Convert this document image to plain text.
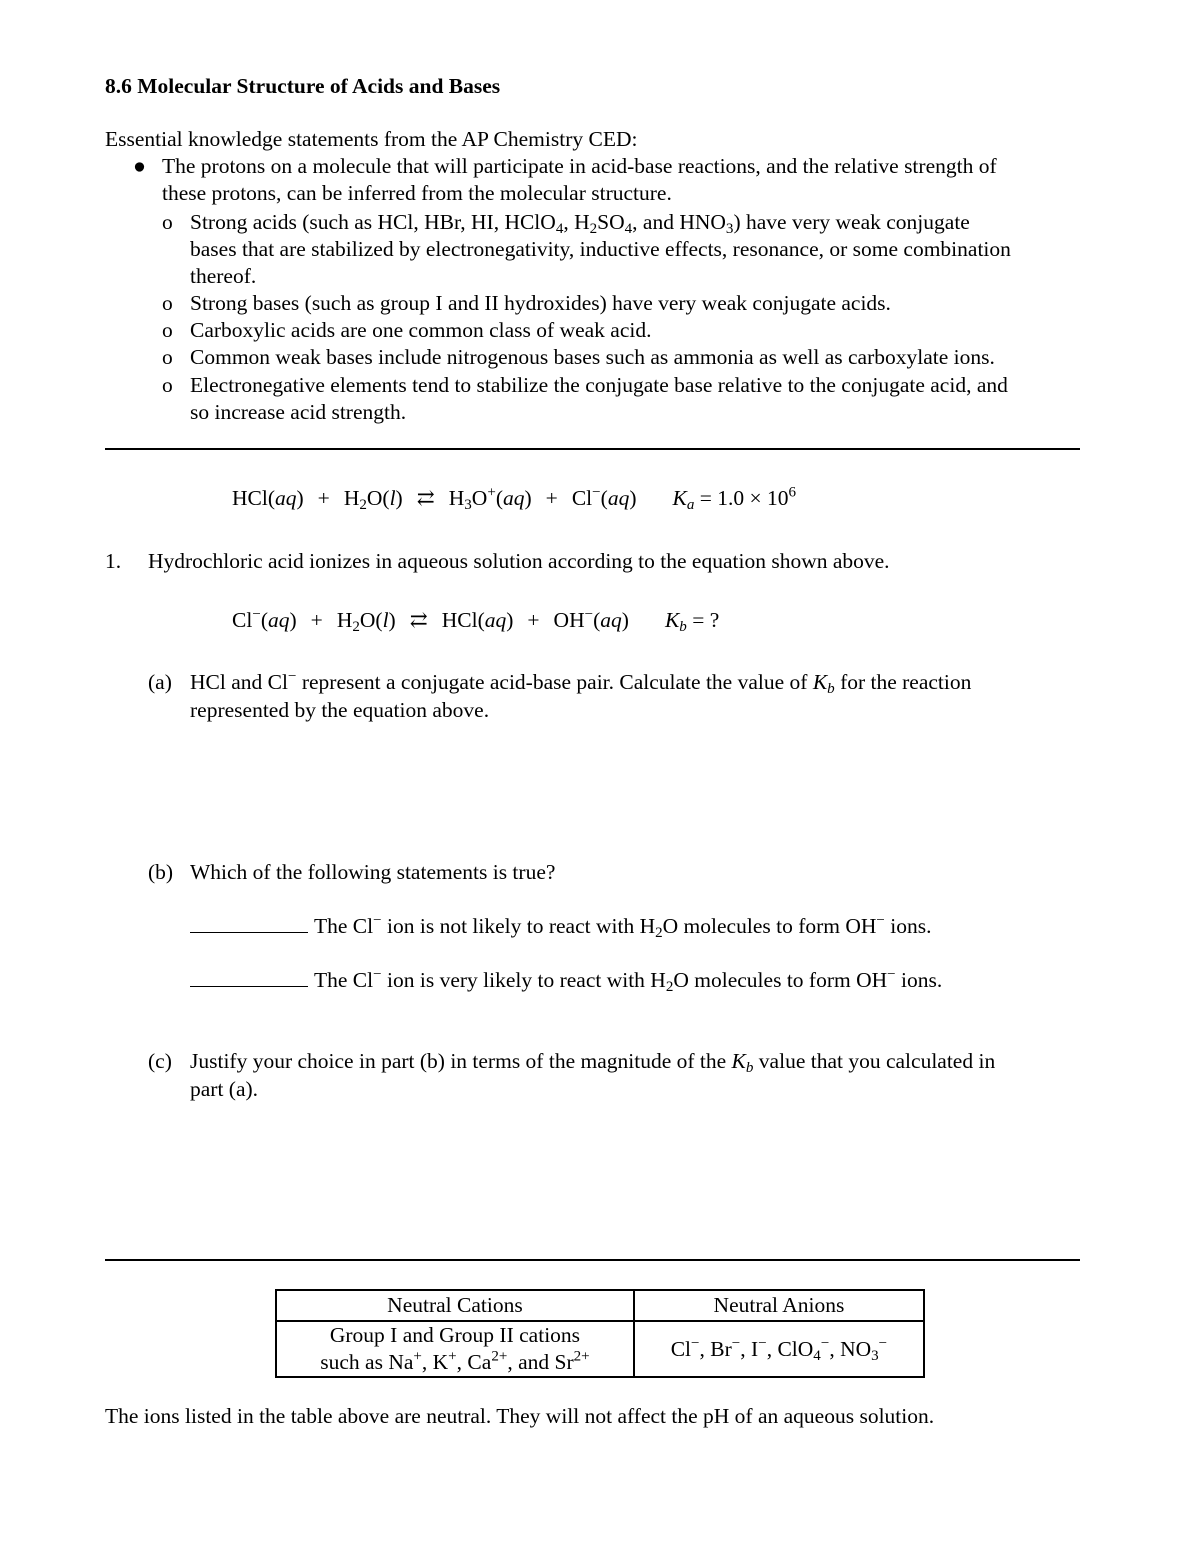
8.6 Molecular Structure of Acids and Bases
Essential knowledge statements from the AP Chemistry CED:
● The protons on a molecule that will participate in acid-base reactions, and the relative strength of
these protons, can be inferred from the molecular structure.
o Strong acids (such as HCl, HBr, HI, HClO$_4$, $H_2SO_4$, and $HNO_3$) have very weak conjugate
bases that are stabilized by electronegativity, inductive effects, resonance, or some combination
thereof.
o Strong bases (such as group I and II hydroxides) have very weak conjugate acids.
o Carboxylic acids are one common class of weak acid.
o Common weak bases include nitrogenous bases such as ammonia as well as carboxylate ions.
o Electronegative elements tend to stabilize the conjugate base relative to the conjugate acid, and
so increase acid strength.
$HCl(aq) + H_2O(l)$ ⇄ $H_3O^+(aq) + Cl^-(aq) K_a = 1.0 \times 10^6$
1. Hydrochloric acid ionizes in aqueous solution according to the equation shown above.
$Cl^-(aq) + H_2O(l)$ ⇄ HCl(aq) + OH−(aq) $K_b$ = ?
(a) HCl and Cl− represent a conjugate acid-base pair. Calculate the value of $K_b$ for the reaction
represented by the equation above.
(b) Which of the following statements is true?
The Cl− ion is not likely to react with $H_2O$ molecules to form OH− ions.
The Cl− ion is very likely to react with $H_2O$ molecules to form OH− ions.
(c) Justify your choice in part (b) in terms of the magnitude of the $K_b$ value that you calculated in
part (a).
Neutral Cations	Neutral Anions

Group I and Group II cations
such as Na+, K+, $Ca^{2+}$, and $Sr^{2+}$	Cl−, Br−, I−, ClO$_4$−, $NO_3^-$
The ions listed in the table above are neutral. They will not affect the pH of an aqueous solution.
